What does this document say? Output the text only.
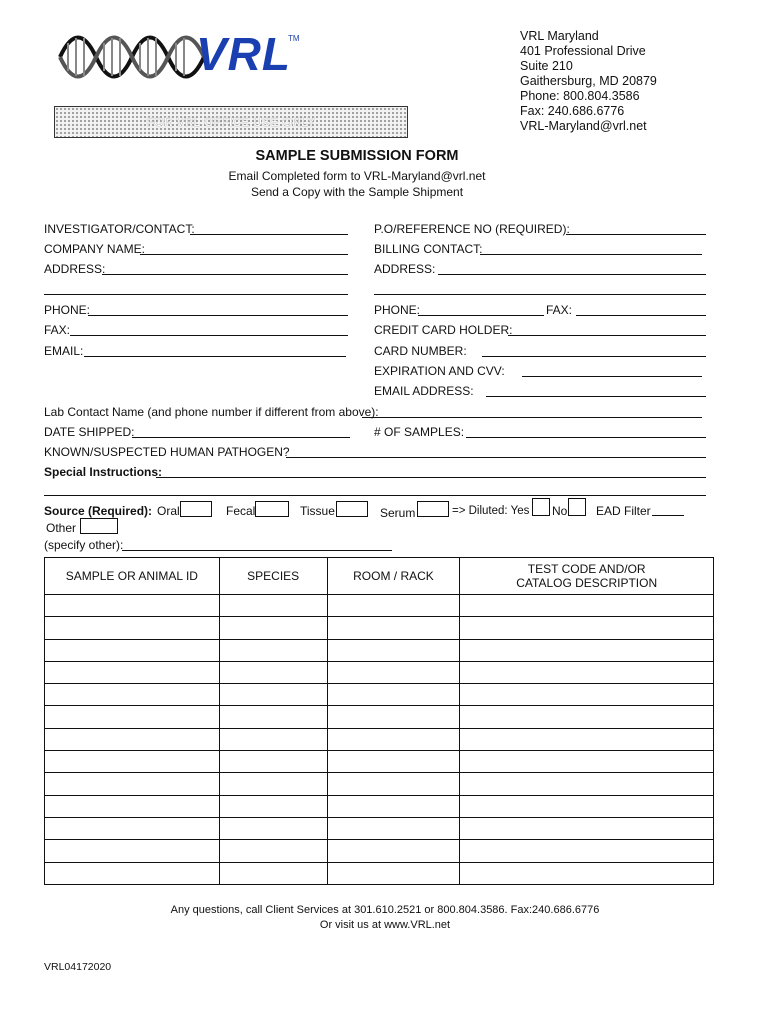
VRL
TM
FOR VRL OFFICE USE ONLY
VRL Maryland
401 Professional Drive
Suite 210
Gaithersburg, MD 20879
Phone: 800.804.3586
Fax: 240.686.6776
VRL-Maryland@vrl.net
SAMPLE SUBMISSION FORM
Email Completed form to VRL-Maryland@vrl.net
Send a Copy with the Sample Shipment
INVESTIGATOR/CONTACT:
COMPANY NAME:
ADDRESS:
PHONE:
FAX:
EMAIL:
P.O/REFERENCE NO (REQUIRED):
BILLING CONTACT:
ADDRESS:
PHONE:	FAX:
CREDIT CARD HOLDER:
CARD NUMBER:
EXPIRATION AND CVV:
EMAIL ADDRESS:
Lab Contact Name (and phone number if different from above):
DATE SHIPPED:	# OF SAMPLES:
KNOWN/SUSPECTED HUMAN PATHOGEN?
Special Instructions:
Source (Required): Oral	Fecal	Tissue	Serum	=> Diluted: Yes No EAD Filter
Other
(specify other):
SAMPLE OR ANIMAL ID	SPECIES	ROOM / RACK	TEST CODE AND/OR
CATALOG DESCRIPTION

Any questions, call Client Services at 301.610.2521 or 800.804.3586. Fax:240.686.6776
Or visit us at www.VRL.net
VRL04172020
